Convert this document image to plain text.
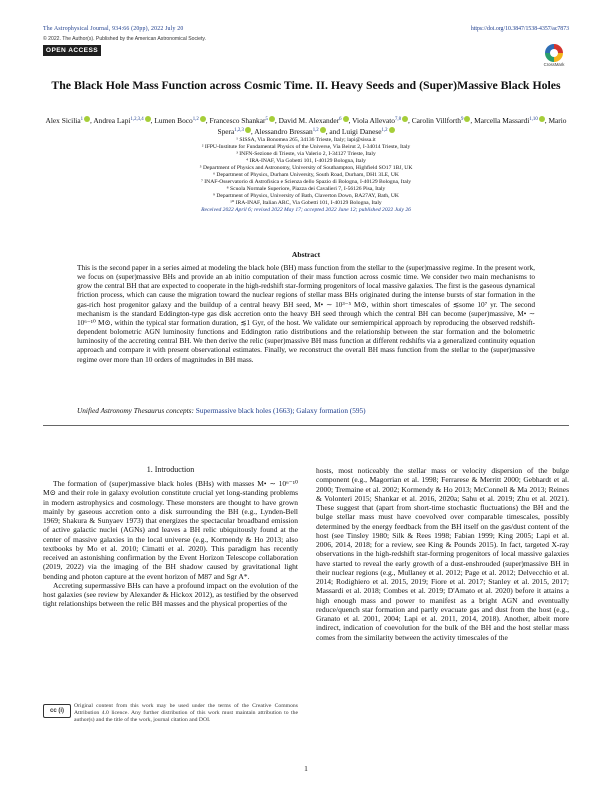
The Astrophysical Journal, 934:66 (20pp), 2022 July 20	https://doi.org/10.3847/1538-4357/ac7873
© 2022. The Author(s). Published by the American Astronomical Society.
OPEN ACCESS
CrossMark
The Black Hole Mass Function across Cosmic Time. II. Heavy Seeds and (Super)Massive Black Holes
Alex Sicilia$^1$ , Andrea Lapi$^{1,2,3,4}$ , Lumen Boco$^{1,2}$ , Francesco Shankar$^5$ , David M. Alexander$^6$ , Viola Allevato$^{7,8}$ , Carolin Villforth$^9$ , Marcella Massardi$^{1,10}$ , Mario Spera$^{1,2,3}$ , Alessandro Bressan$^{1,2}$ , and Luigi Danese$^{1,2}$
¹ SISSA, Via Bonomea 265, 34136 Trieste, Italy; lapi@sissa.it
² IFPU-Institute for Fundamental Physics of the Universe, Via Beirut 2, I-34014 Trieste, Italy
³ INFN-Sezione di Trieste, via Valerio 2, I-34127 Trieste, Italy
⁴ IRA-INAF, Via Gobetti 101, I-40129 Bologna, Italy
⁵ Department of Physics and Astronomy, University of Southampton, Highfield SO17 1BJ, UK
⁶ Department of Physics, Durham University, South Road, Durham, DH1 3LE, UK
⁷ INAF-Osservatorio di Astrofisica e Scienza dello Spazio di Bologna, I-40129 Bologna, Italy
⁸ Scuola Normale Superiore, Piazza dei Cavalieri 7, I-56126 Pisa, Italy
⁹ Department of Physics, University of Bath, Claverton Down, BA27AY, Bath, UK
¹⁰ IRA-INAF, Italian ARC, Via Gobetti 101, I-40129 Bologna, Italy
Received 2022 April 6; revised 2022 May 17; accepted 2022 June 12; published 2022 July 26
Abstract
This is the second paper in a series aimed at modeling the black hole (BH) mass function from the stellar to the (super)massive regime. In the present work, we focus on (super)massive BHs and provide an ab initio computation of their mass function across cosmic time. We consider two main mechanisms to grow the central BH that are expected to cooperate in the high-redshift star-forming progenitors of local massive galaxies. The first is the gaseous dynamical friction process, which can cause the migration toward the nuclear regions of stellar mass BHs originated during the intense bursts of star formation in the gas-rich host progenitor galaxy and the buildup of a central heavy BH seed, M• ∼ 10³⁻⁵ M⊙, within short timescales of ≲some 10⁷ yr. The second mechanism is the standard Eddington-type gas disk accretion onto the heavy BH seed through which the central BH can become (super)massive, M• ∼ 10⁶⁻¹⁰ M⊙, within the typical star formation duration, ≲1 Gyr, of the host. We validate our semiempirical approach by reproducing the observed redshift-dependent bolometric AGN luminosity functions and Eddington ratio distributions and the relationship between the star formation and the bolometric luminosity of the accreting central BH. We then derive the relic (super)massive BH mass function at different redshifts via a generalized continuity equation approach and compare it with present observational estimates. Finally, we reconstruct the overall BH mass function from the stellar to the (super)massive regime over more than 10 orders of magnitudes in BH mass.
Unified Astronomy Thesaurus concepts: Supermassive black holes (1663); Galaxy formation (595)
1. Introduction

The formation of (super)massive black holes (BHs) with masses M• ∼ 10⁶⁻¹⁰ M⊙ and their role in galaxy evolution constitute crucial yet long-standing problems in modern astrophysics and cosmology. These monsters are thought to have grown mainly by gaseous accretion onto a disk surrounding the BH (e.g., Lynden-Bell 1969; Shakura & Sunyaev 1973) that energizes the spectacular broadband emission of active galactic nuclei (AGNs) and leaves a BH relic ubiquitously found at the center of massive galaxies in the local universe (e.g., Kormendy & Ho 2013; also textbooks by Mo et al. 2010; Cimatti et al. 2020). This paradigm has recently received an astonishing confirmation by the Event Horizon Telescope collaboration (2019, 2022) via the imaging of the BH shadow caused by gravitational light bending and photon capture at the event horizon of M87 and Sgr A*.

Accreting supermassive BHs can have a profound impact on the evolution of the host galaxies (see review by Alexander & Hickox 2012), as testified by the observed tight relationships between the relic BH masses and the physical properties of the

hosts, most noticeably the stellar mass or velocity dispersion of the bulge component (e.g., Magorrian et al. 1998; Ferrarese & Merritt 2000; Gebhardt et al. 2000; Tremaine et al. 2002; Kormendy & Ho 2013; McConnell & Ma 2013; Reines & Volonteri 2015; Shankar et al. 2016, 2020a; Sahu et al. 2019; Zhu et al. 2021). These suggest that (apart from short-time stochastic fluctuations) the BH and the bulge stellar mass must have coevolved over comparable timescales, possibly determined by the energy feedback from the BH itself on the gas/dust content of the host (see Tinsley 1980; Silk & Rees 1998; Fabian 1999; King 2005; Lapi et al. 2006, 2014, 2018; for a review, see King & Pounds 2015). In fact, targeted X-ray observations in the high-redshift star-forming progenitors of local massive galaxies have started to reveal the early growth of a dust-enshrouded (super)massive BH in their nuclear regions (e.g., Mullaney et al. 2012; Page et al. 2012; Delvecchio et al. 2014; Rodighiero et al. 2015, 2019; Fiore et al. 2017; Stanley et al. 2015, 2017; Massardi et al. 2018; Combes et al. 2019; D'Amato et al. 2020) before it attains a high enough mass and power to manifest as a bright AGN and eventually reduce/quench star formation and partly evacuate gas and dust from the host (e.g., Granato et al. 2001, 2004; Lapi et al. 2011, 2014, 2018). Another, albeit more indirect, indication of coevolution for the bulk of the BH and the host stellar mass comes from the similarity between the activity timescales of the

cc (i)
Original content from this work may be used under the terms of the Creative Commons Attribution 4.0 licence. Any further distribution of this work must maintain attribution to the author(s) and the title of the work, journal citation and DOI.
1
